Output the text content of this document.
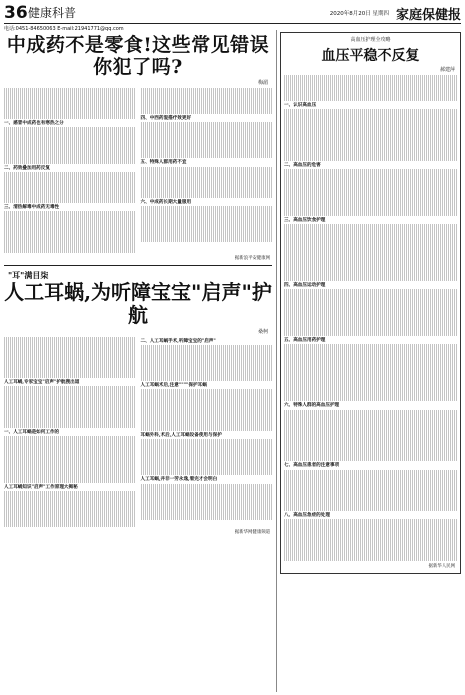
36 健康科普	2020年8月20日 星期四 家庭保健报
电话:0451-84650063 E-mail:21941771@qq.com
中成药不是零食!这些常见错误你犯了吗?
梅湄
一、感冒中成药也有寒热之分
二、药效叠加用药反复
三、清热解毒中成药无毒性
四、中西药混搭疗效更好
五、特殊人群用药不宜
六、中成药长期大量服用
据新浪平安健康网
"耳"满目柒
人工耳蜗,为听障宝宝"启声"护航
桑柯
人工耳蜗,专家宝宝"启声"护航搜出道
一、人工耳蜗是如何工作的
人工耳蜗知识"启声"工作原理大揭秘
二、人工耳蜗手术,听障宝宝的"启声"
人工耳蜗术后,注意""""保护耳蜗
耳蜗外科,术后,人工耳蜗设备使用与保护
人工耳蜗,并非一劳永逸,看完才会明白
据新华网健康频道
高血压护理全攻略
血压平稳不反复
郝建萍
一、认识高血压
二、高血压的危害
三、高血压饮食护理
四、高血压运动护理
五、高血压用药护理
六、特殊人群的高血压护理
七、高血压患者的注意事项
八、高血压急症的处理
据新华人民网
